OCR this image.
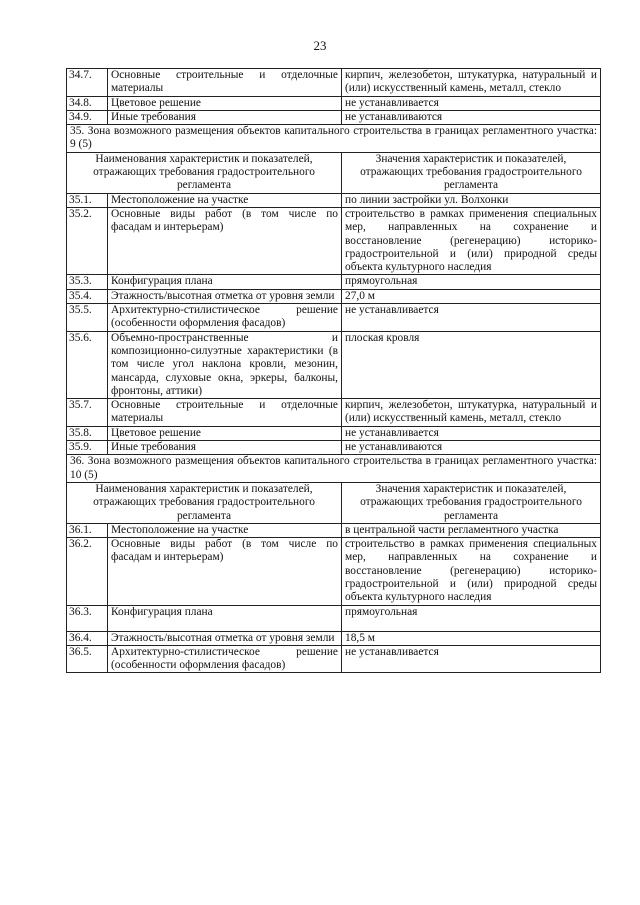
23
34.7.	Основные строительные и отделочные материалы	кирпич, железобетон, штукатурка, натуральный и (или) искусственный камень, металл, стекло
34.8.	Цветовое решение	не устанавливается
34.9.	Иные требования	не устанавливаются
35. Зона возможного размещения объектов капитального строительства в границах регламентного участка: 9 (5)		
Наименования характеристик и показателей, отражающих требования градостроительного регламента		Значения характеристик и показателей, отражающих требования градостроительного регламента
35.1.	Местоположение на участке	по линии застройки ул. Волхонки
35.2.	Основные виды работ (в том числе по фасадам и интерьерам)	строительство в рамках применения специальных мер, направленных на сохранение и восстановление (регенерацию) историко-градостроительной и (или) природной среды объекта культурного наследия
35.3.	Конфигурация плана	прямоугольная
35.4.	Этажность/высотная отметка от уровня земли	27,0 м
35.5.	Архитектурно-стилистическое решение (особенности оформления фасадов)	не устанавливается
35.6.	Объемно-пространственные и композиционно-силуэтные характеристики (в том числе угол наклона кровли, мезонин, мансарда, слуховые окна, эркеры, балконы, фронтоны, аттики)	плоская кровля
35.7.	Основные строительные и отделочные материалы	кирпич, железобетон, штукатурка, натуральный и (или) искусственный камень, металл, стекло
35.8.	Цветовое решение	не устанавливается
35.9.	Иные требования	не устанавливаются
36. Зона возможного размещения объектов капитального строительства в границах регламентного участка: 10 (5)		
Наименования характеристик и показателей, отражающих требования градостроительного регламента		Значения характеристик и показателей, отражающих требования градостроительного регламента
36.1.	Местоположение на участке	в центральной части регламентного участка
36.2.	Основные виды работ (в том числе по фасадам и интерьерам)	строительство в рамках применения специальных мер, направленных на сохранение и восстановление (регенерацию) историко-градостроительной и (или) природной среды объекта культурного наследия
36.3.	Конфигурация плана	прямоугольная
36.4.	Этажность/высотная отметка от уровня земли	18,5 м
36.5.	Архитектурно-стилистическое решение (особенности оформления фасадов)	не устанавливается
